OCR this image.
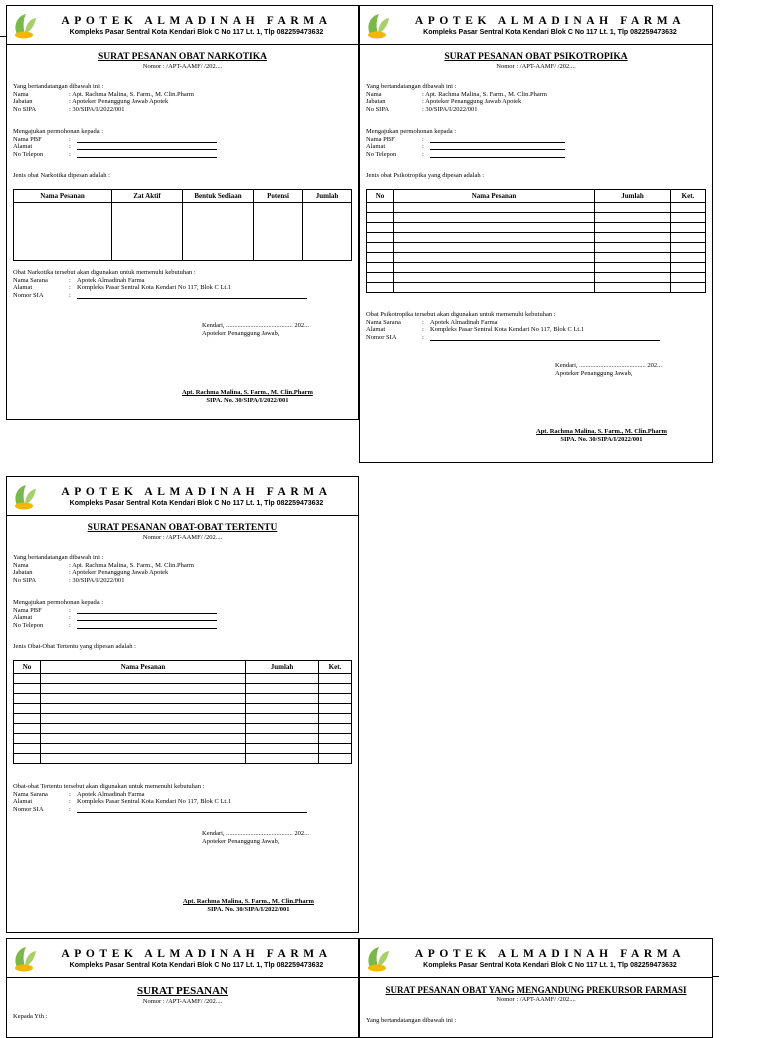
APOTEK ALMADINAH FARMA
Kompleks Pasar Sentral Kota Kendari Blok C No 117 Lt. 1, Tlp 082259473632
SURAT PESANAN OBAT NARKOTIKA
Nomor : /APT-AAMF/ /202....
Yang bertandatangan dibawah ini :
Nama	: Apt. Rachma Malina, S. Farm., M. Clin.Pharm
Jabatan	: Apoteker Penanggung Jawab Apotek
No SIPA	: 30/SIPA/I/2022/001
Mengajukan permohonan kepada :
Nama PBF	:
Alamat	:
No Telepon	:
Jenis obat Narkotika dipesan adalah :
Nama Pesanan	Zat Aktif	Bentuk Sediaan	Potensi	Jumlah

Obat Narkotika tersebut akan digunakan untuk memenuhi kebutuhan :
Nama Sarana	: Apotek Almadinah Farma
Alamat	: Kompleks Pasar Sentral Kota Kendari No 117, Blok C Lt.1
Nomor SIA	:
Kendari, ......................................... 202...
Apoteker Penanggung Jawab,
Apt. Rachma Malina, S. Farm., M. Clin.Pharm
SIPA. No. 30/SIPA/I/2022/001
APOTEK ALMADINAH FARMA
Kompleks Pasar Sentral Kota Kendari Blok C No 117 Lt. 1, Tlp 082259473632
SURAT PESANAN OBAT PSIKOTROPIKA
Nomor : /APT-AAMF/ /202....
Yang bertandatangan dibawah ini :
Nama	: Apt. Rachma Malina, S. Farm., M. Clin.Pharm
Jabatan	: Apoteker Penanggung Jawab Apotek
No SIPA	: 30/SIPA/I/2022/001
Mengajukan permohonan kepada :
Nama PBF	:
Alamat	:
No Telepon	:
Jenis obat Psikotropika yang dipesan adalah :
No	Nama Pesanan	Jumlah	Ket.

Obat Psikotropika tersebut akan digunakan untuk memenuhi kebutuhan :
Nama Sarana	: Apotek Almadinah Farma
Alamat	: Kompleks Pasar Sentral Kota Kendari No 117, Blok C Lt.1
Nomor SIA	:
Kendari, ......................................... 202...
Apoteker Penanggung Jawab,
Apt. Rachma Malina, S. Farm., M. Clin.Pharm
SIPA. No. 30/SIPA/I/2022/001
APOTEK ALMADINAH FARMA
Kompleks Pasar Sentral Kota Kendari Blok C No 117 Lt. 1, Tlp 082259473632
SURAT PESANAN OBAT-OBAT TERTENTU
Nomor : /APT-AAMF/ /202....
Yang bertandatangan dibawah ini :
Nama	: Apt. Rachma Malina, S. Farm., M. Clin.Pharm
Jabatan	: Apoteker Penanggung Jawab Apotek
No SIPA	: 30/SIPA/I/2022/001
Mengajukan permohonan kepada :
Nama PBF	:
Alamat	:
No Telepon	:
Jenis Obat-Obat Tertentu yang dipesan adalah :
No	Nama Pesanan	Jumlah	Ket.

Obat-obat Tertentu tersebut akan digunakan untuk memenuhi kebutuhan :
Nama Sarana	: Apotek Almadinah Farma
Alamat	: Kompleks Pasar Sentral Kota Kendari No 117, Blok C Lt.1
Nomor SIA	:
Kendari, ......................................... 202...
Apoteker Penanggung Jawab,
Apt. Rachma Malina, S. Farm., M. Clin.Pharm
SIPA. No. 30/SIPA/I/2022/001
APOTEK ALMADINAH FARMA
Kompleks Pasar Sentral Kota Kendari Blok C No 117 Lt. 1, Tlp 082259473632
SURAT PESANAN
Nomor : /APT-AAMF/ /202....
Kepada Yth :
APOTEK ALMADINAH FARMA
Kompleks Pasar Sentral Kota Kendari Blok C No 117 Lt. 1, Tlp 082259473632
SURAT PESANAN OBAT YANG MENGANDUNG PREKURSOR FARMASI
Nomor : /APT-AAMF/ /202....
Yang bertandatangan dibawah ini :
